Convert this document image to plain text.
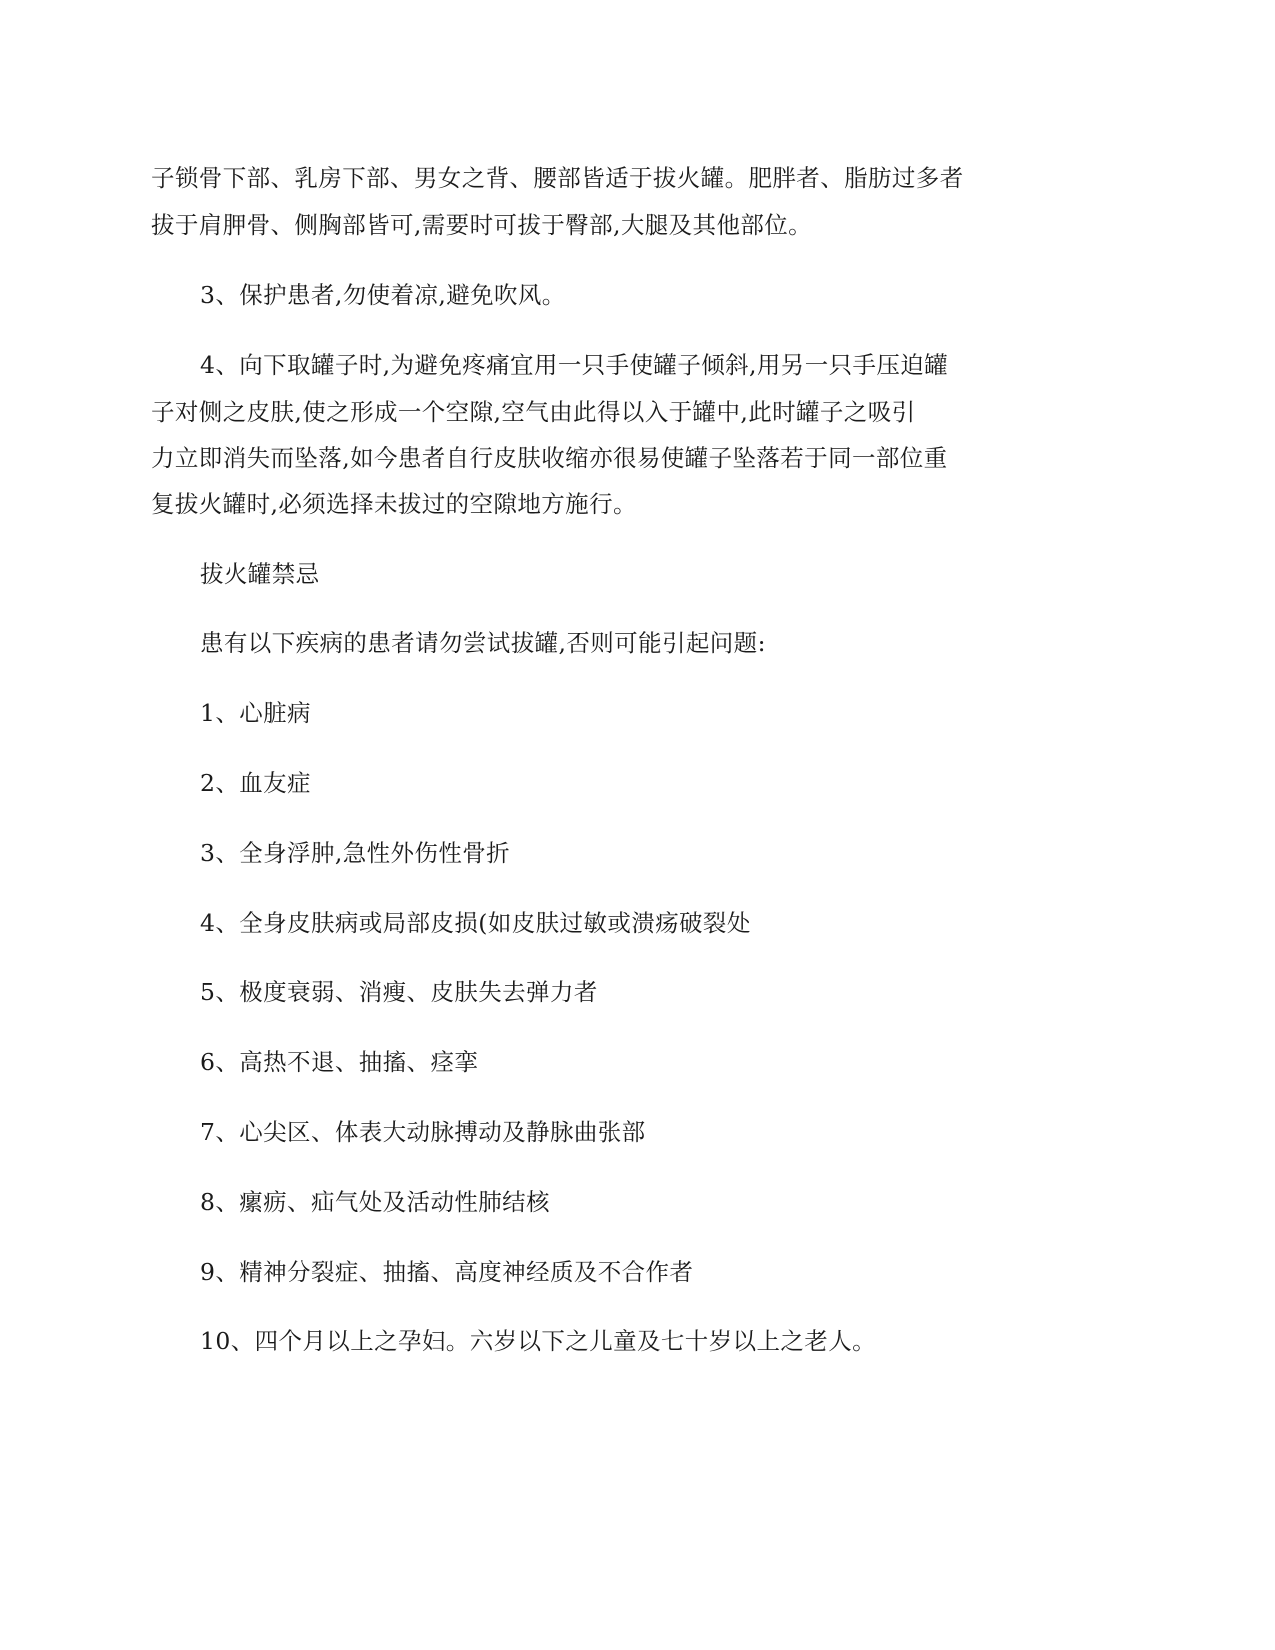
子锁骨下部、乳房下部、男女之背、腰部皆适于拔火罐。肥胖者、脂肪过多者

拔于肩胛骨、侧胸部皆可,需要时可拔于臀部,大腿及其他部位。

3、保护患者,勿使着凉,避免吹风。

4、向下取罐子时,为避免疼痛宜用一只手使罐子倾斜,用另一只手压迫罐

子对侧之皮肤,使之形成一个空隙,空气由此得以入于罐中,此时罐子之吸引

力立即消失而坠落,如今患者自行皮肤收缩亦很易使罐子坠落若于同一部位重

复拔火罐时,必须选择未拔过的空隙地方施行。

拔火罐禁忌

患有以下疾病的患者请勿尝试拔罐,否则可能引起问题:

1、心脏病

2、血友症

3、全身浮肿,急性外伤性骨折

4、全身皮肤病或局部皮损(如皮肤过敏或溃疡破裂处

5、极度衰弱、消瘦、皮肤失去弹力者

6、高热不退、抽搐、痉挛

7、心尖区、体表大动脉搏动及静脉曲张部

8、瘰疬、疝气处及活动性肺结核

9、精神分裂症、抽搐、高度神经质及不合作者

10、四个月以上之孕妇。六岁以下之儿童及七十岁以上之老人。
